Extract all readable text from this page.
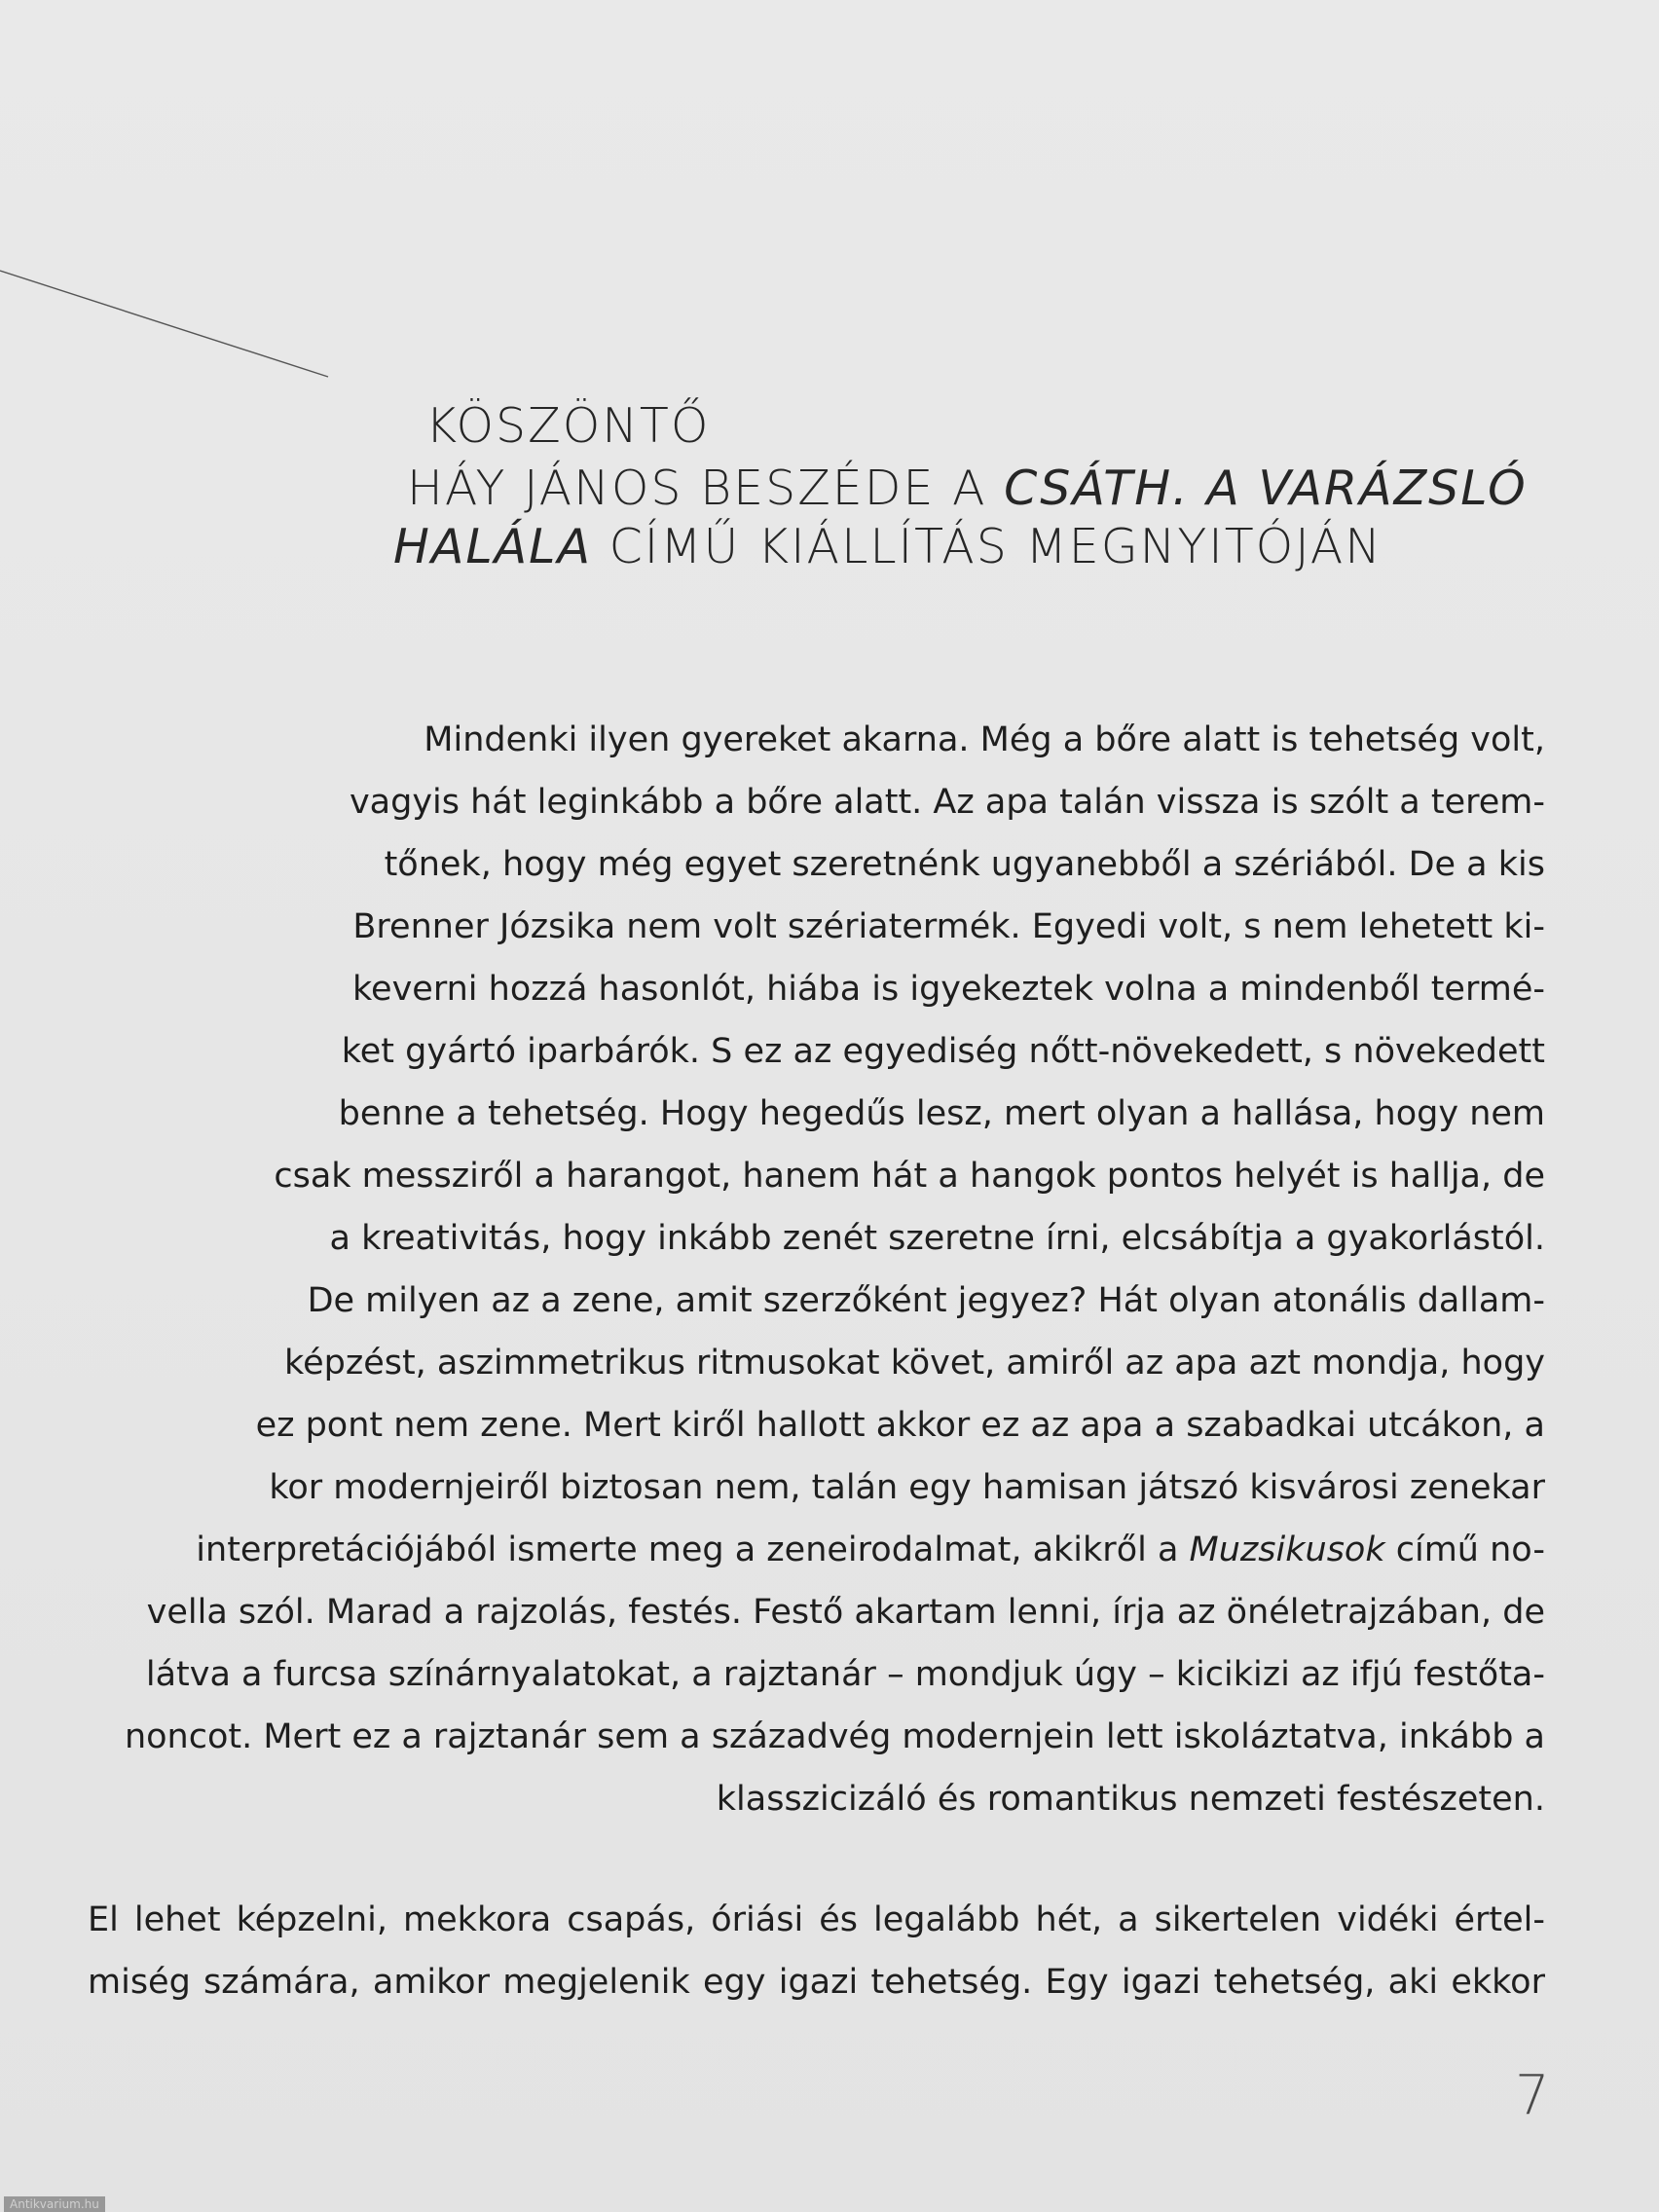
KÖSZÖNTŐ
HÁY JÁNOS BESZÉDE A CSÁTH. A VARÁZSLÓ
HALÁLA CÍMŰ KIÁLLÍTÁS MEGNYITÓJÁN
Mindenki ilyen gyereket akarna. Még a bőre alatt is tehetség volt,
vagyis hát leginkább a bőre alatt. Az apa talán vissza is szólt a terem-
tőnek, hogy még egyet szeretnénk ugyanebből a szériából. De a kis
Brenner Józsika nem volt szériatermék. Egyedi volt, s nem lehetett ki-
keverni hozzá hasonlót, hiába is igyekeztek volna a mindenből termé-
ket gyártó iparbárók. S ez az egyediség nőtt-növekedett, s növekedett
benne a tehetség. Hogy hegedűs lesz, mert olyan a hallása, hogy nem
csak messziről a harangot, hanem hát a hangok pontos helyét is hallja, de
a kreativitás, hogy inkább zenét szeretne írni, elcsábítja a gyakorlástól.
De milyen az a zene, amit szerzőként jegyez? Hát olyan atonális dallam-
képzést, aszimmetrikus ritmusokat követ, amiről az apa azt mondja, hogy
ez pont nem zene. Mert kiről hallott akkor ez az apa a szabadkai utcákon, a
kor modernjeiről biztosan nem, talán egy hamisan játszó kisvárosi zenekar
interpretációjából ismerte meg a zeneirodalmat, akikről a Muzsikusok című no-
vella szól. Marad a rajzolás, festés. Festő akartam lenni, írja az önéletrajzában, de
látva a furcsa színárnyalatokat, a rajztanár – mondjuk úgy – kicikizi az ifjú festőta-
noncot. Mert ez a rajztanár sem a századvég modernjein lett iskoláztatva, inkább a
klasszicizáló és romantikus nemzeti festészeten.
El lehet képzelni, mekkora csapás, óriási és legalább hét, a sikertelen vidéki értel-
miség számára, amikor megjelenik egy igazi tehetség. Egy igazi tehetség, aki ekkor
7
Antikvarium.hu
